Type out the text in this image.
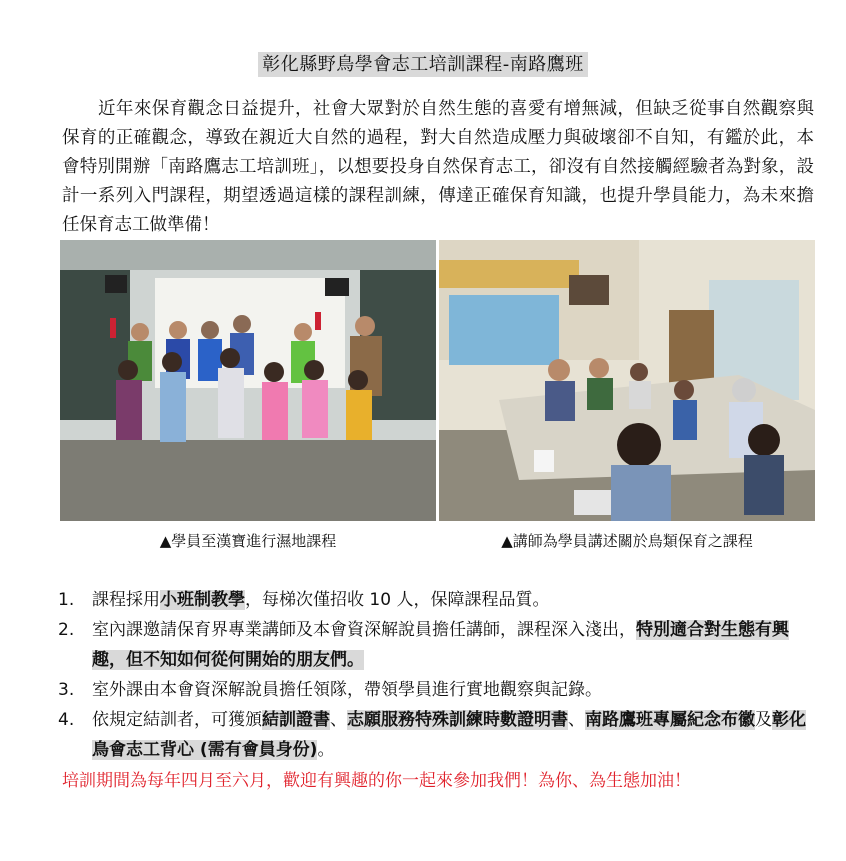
彰化縣野鳥學會志工培訓課程-南路鷹班
近年來保育觀念日益提升，社會大眾對於自然生態的喜愛有增無減，但缺乏從事自然觀察與保育的正確觀念，導致在親近大自然的過程，對大自然造成壓力與破壞卻不自知，有鑑於此，本會特別開辦「南路鷹志工培訓班」，以想要投身自然保育志工，卻沒有自然接觸經驗者為對象，設計一系列入門課程，期望透過這樣的課程訓練，傳達正確保育知識，也提升學員能力，為未來擔任保育志工做準備！
▲學員至漢寶進行濕地課程	▲講師為學員講述關於鳥類保育之課程
1. 課程採用小班制教學，每梯次僅招收 10 人，保障課程品質。
2. 室內課邀請保育界專業講師及本會資深解說員擔任講師，課程深入淺出，特別適合對生態有興趣，但不知如何從何開始的朋友們。
3. 室外課由本會資深解說員擔任領隊，帶領學員進行實地觀察與記錄。
4. 依規定結訓者，可獲頒結訓證書、志願服務特殊訓練時數證明書、南路鷹班專屬紀念布徽及彰化鳥會志工背心 (需有會員身份)。
培訓期間為每年四月至六月，歡迎有興趣的你一起來參加我們！為你、為生態加油！
